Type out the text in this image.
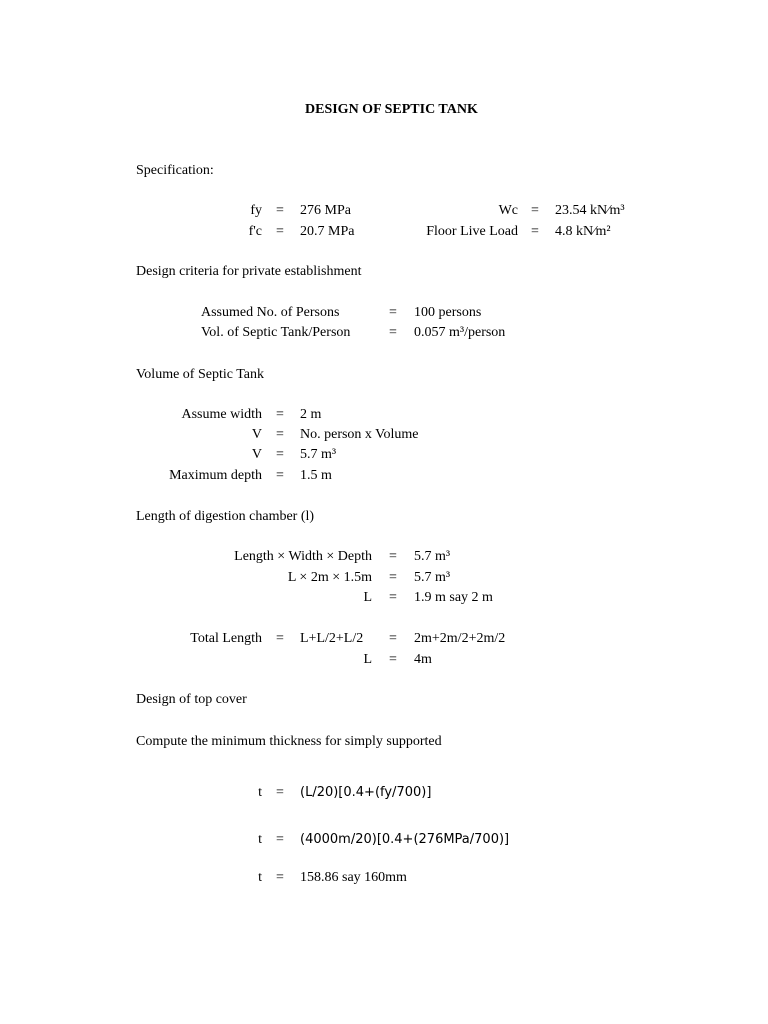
DESIGN OF SEPTIC TANK
Specification:
fy = 276 MPa	Wc = 23.54 kN⁄m³
f'c = 20.7 MPa	Floor Live Load = 4.8 kN⁄m²
Design criteria for private establishment
Assumed No. of Persons	= 100 persons
Vol. of Septic Tank/Person	= 0.057 m³/person
Volume of Septic Tank
Assume width = 2 m
V = No. person x Volume
V = 5.7 m³
Maximum depth = 1.5 m
Length of digestion chamber (l)
Length × Width × Depth = 5.7 m³
L × 2m × 1.5m = 5.7 m³
L = 1.9 m say 2 m
Total Length = L+L/2+L/2 = 2m+2m/2+2m/2
L = 4m
Design of top cover
Compute the minimum thickness for simply supported
t = (L/20)[0.4+(fy/700)]
t = (4000m/20)[0.4+(276MPa/700)]
t = 158.86 say 160mm
